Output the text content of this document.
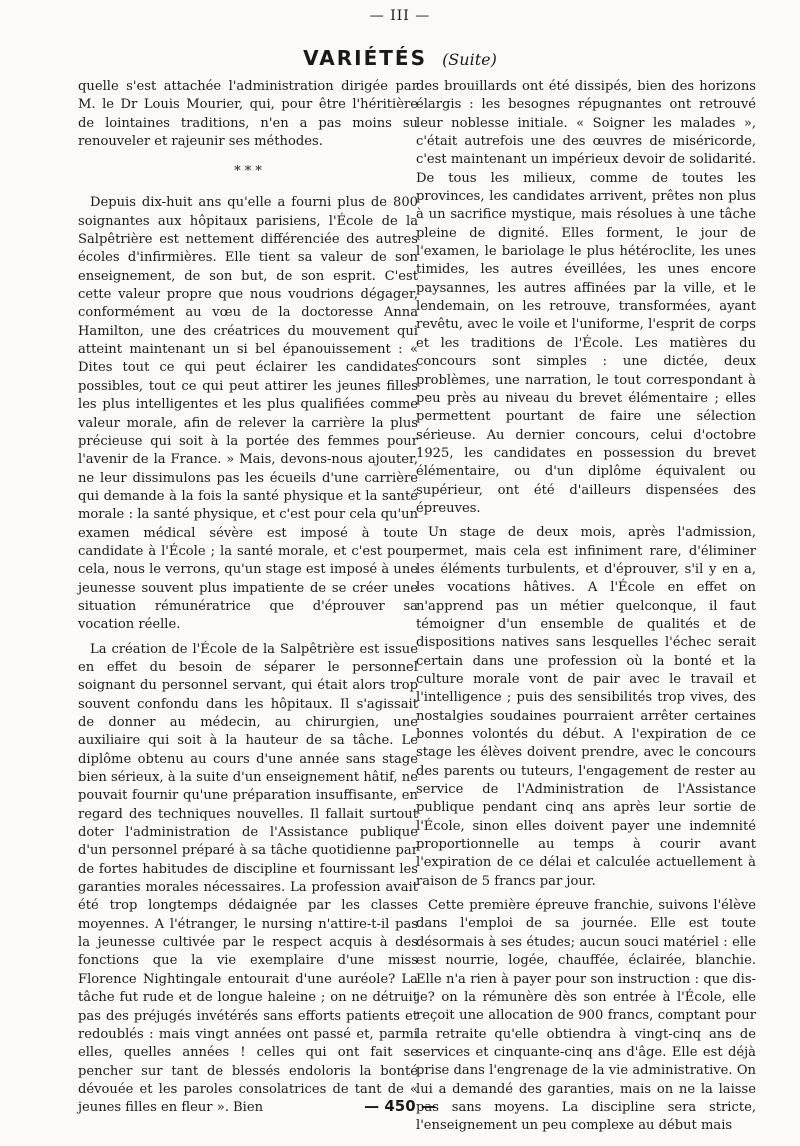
— III —
VARIÉTÉS (Suite)

quelle s'est attachée l'administration dirigée par M. le Dr Louis Mourier, qui, pour être l'héritière de lointaines traditions, n'en a pas moins su renouveler et rajeunir ses méthodes.

* * *

Depuis dix-huit ans qu'elle a fourni plus de 800 soignantes aux hôpitaux parisiens, l'École de la Salpêtrière est nettement différenciée des autres écoles d'infirmières. Elle tient sa valeur de son enseignement, de son but, de son esprit. C'est cette valeur propre que nous voudrions dégager, conformément au vœu de la doctoresse Anna Hamilton, une des créatrices du mouvement qui atteint maintenant un si bel épanouissement : « Dites tout ce qui peut éclairer les candidates possibles, tout ce qui peut attirer les jeunes filles les plus intelligentes et les plus qualifiées comme valeur morale, afin de relever la carrière la plus précieuse qui soit à la portée des femmes pour l'avenir de la France. » Mais, devons-nous ajouter, ne leur dissimulons pas les écueils d'une carrière qui demande à la fois la santé physique et la santé morale : la santé physique, et c'est pour cela qu'un examen médical sévère est imposé à toute candidate à l'École ; la santé morale, et c'est pour cela, nous le verrons, qu'un stage est imposé à une jeunesse souvent plus impatiente de se créer une situation rémunératrice que d'éprouver sa vocation réelle.

La création de l'École de la Salpêtrière est issue en effet du besoin de séparer le personnel soignant du personnel servant, qui était alors trop souvent confondu dans les hôpitaux. Il s'agissait de donner au médecin, au chirurgien, une auxiliaire qui soit à la hauteur de sa tâche. Le diplôme obtenu au cours d'une année sans stage bien sérieux, à la suite d'un enseignement hâtif, ne pouvait fournir qu'une préparation insuffisante, en regard des techniques nouvelles. Il fallait surtout doter l'administration de l'Assistance publique d'un personnel préparé à sa tâche quotidienne par de fortes habitudes de discipline et fournissant les garanties morales nécessaires. La profession avait été trop longtemps dédaignée par les classes moyennes. A l'étranger, le nursing n'attire-t-il pas la jeunesse cultivée par le respect acquis à des fonctions que la vie exemplaire d'une miss Florence Nightingale entourait d'une auréole? La tâche fut rude et de longue haleine ; on ne détruit pas des préjugés invétérés sans efforts patients et redoublés : mais vingt années ont passé et, parmi elles, quelles années ! celles qui ont fait se pencher sur tant de blessés endoloris la bonté dévouée et les paroles consolatrices de tant de « jeunes filles en fleur ». Bien

des brouillards ont été dissipés, bien des horizons élargis : les besognes répugnantes ont retrouvé leur noblesse initiale. « Soigner les malades », c'était autrefois une des œuvres de miséricorde, c'est maintenant un impérieux devoir de solidarité. De tous les milieux, comme de toutes les provinces, les candidates arrivent, prêtes non plus à un sacrifice mystique, mais résolues à une tâche pleine de dignité. Elles forment, le jour de l'examen, le bariolage le plus hétéroclite, les unes timides, les autres éveillées, les unes encore paysannes, les autres affinées par la ville, et le lendemain, on les retrouve, transformées, ayant revêtu, avec le voile et l'uniforme, l'esprit de corps et les traditions de l'École. Les matières du concours sont simples : une dictée, deux problèmes, une narration, le tout correspondant à peu près au niveau du brevet élémentaire ; elles permettent pourtant de faire une sélection sérieuse. Au dernier concours, celui d'octobre 1925, les candidates en possession du brevet élémentaire, ou d'un diplôme équivalent ou supérieur, ont été d'ailleurs dispensées des épreuves.

Un stage de deux mois, après l'admission, permet, mais cela est infiniment rare, d'éliminer les éléments turbulents, et d'éprouver, s'il y en a, les vocations hâtives. A l'École en effet on n'apprend pas un métier quelconque, il faut témoigner d'un ensemble de qualités et de dispositions natives sans lesquelles l'échec serait certain dans une profession où la bonté et la culture morale vont de pair avec le travail et l'intelligence ; puis des sensibilités trop vives, des nostalgies soudaines pourraient arrêter certaines bonnes volontés du début. A l'expiration de ce stage les élèves doivent prendre, avec le concours des parents ou tuteurs, l'engagement de rester au service de l'Administration de l'Assistance publique pendant cinq ans après leur sortie de l'École, sinon elles doivent payer une indemnité proportionnelle au temps à courir avant l'expiration de ce délai et calculée actuellement à raison de 5 francs par jour.

Cette première épreuve franchie, suivons l'élève dans l'emploi de sa journée. Elle est toute désormais à ses études; aucun souci matériel : elle est nourrie, logée, chauffée, éclairée, blanchie. Elle n'a rien à payer pour son instruction : que dis-je? on la rémunère dès son entrée à l'École, elle reçoit une allocation de 900 francs, comptant pour la retraite qu'elle obtiendra à vingt-cinq ans de services et cinquante-cinq ans d'âge. Elle est déjà prise dans l'engrenage de la vie administrative. On lui a demandé des garanties, mais on ne la laisse pas sans moyens. La discipline sera stricte, l'enseignement un peu complexe au début mais

— 450 —
